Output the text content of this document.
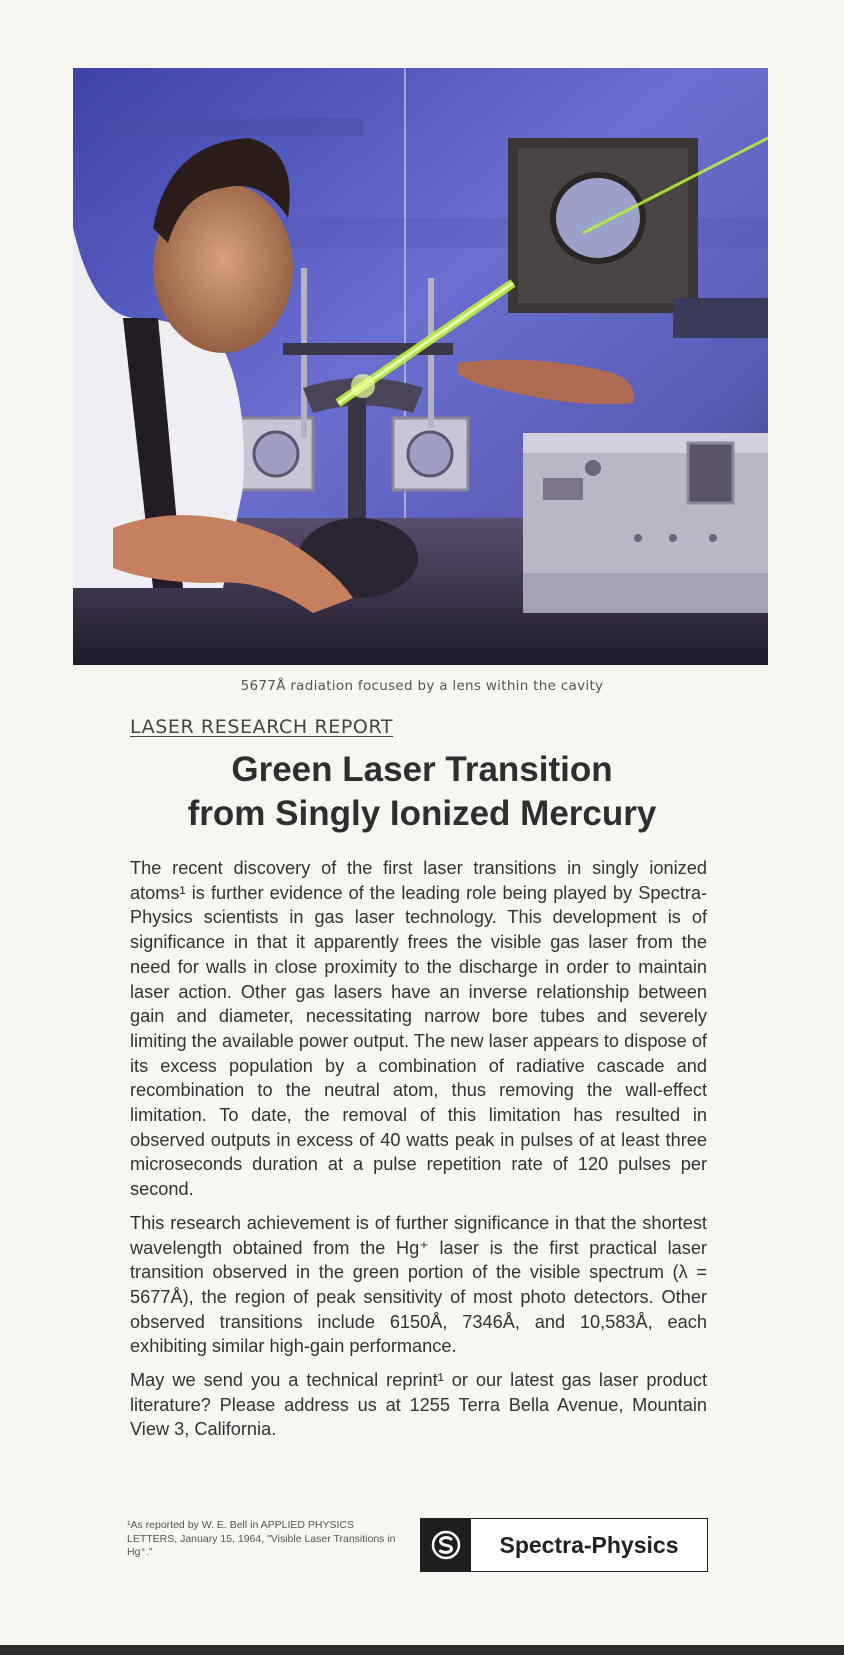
5677Å radiation focused by a lens within the cavity
LASER RESEARCH REPORT
Green Laser Transition
from Singly Ionized Mercury

The recent discovery of the first laser transitions in singly ionized atoms¹ is further evidence of the leading role being played by Spectra-Physics scientists in gas laser technology. This development is of significance in that it apparently frees the visible gas laser from the need for walls in close proximity to the discharge in order to maintain laser action. Other gas lasers have an inverse relationship between gain and diameter, necessitating narrow bore tubes and severely limiting the available power output. The new laser appears to dispose of its excess population by a combination of radiative cascade and recombination to the neutral atom, thus removing the wall-effect limitation. To date, the removal of this limitation has resulted in observed outputs in excess of 40 watts peak in pulses of at least three microseconds duration at a pulse repetition rate of 120 pulses per second.

This research achievement is of further significance in that the shortest wavelength obtained from the Hg⁺ laser is the first practical laser transition observed in the green portion of the visible spectrum (λ = 5677Å), the region of peak sensitivity of most photo detectors. Other observed transitions include 6150Å, 7346Å, and 10,583Å, each exhibiting similar high-gain performance.

May we send you a technical reprint¹ or our latest gas laser product literature? Please address us at 1255 Terra Bella Avenue, Mountain View 3, California.

¹As reported by W. E. Bell in APPLIED PHYSICS LETTERS, January 15, 1964, "Visible Laser Transitions in Hg⁺."	Spectra-Physics
